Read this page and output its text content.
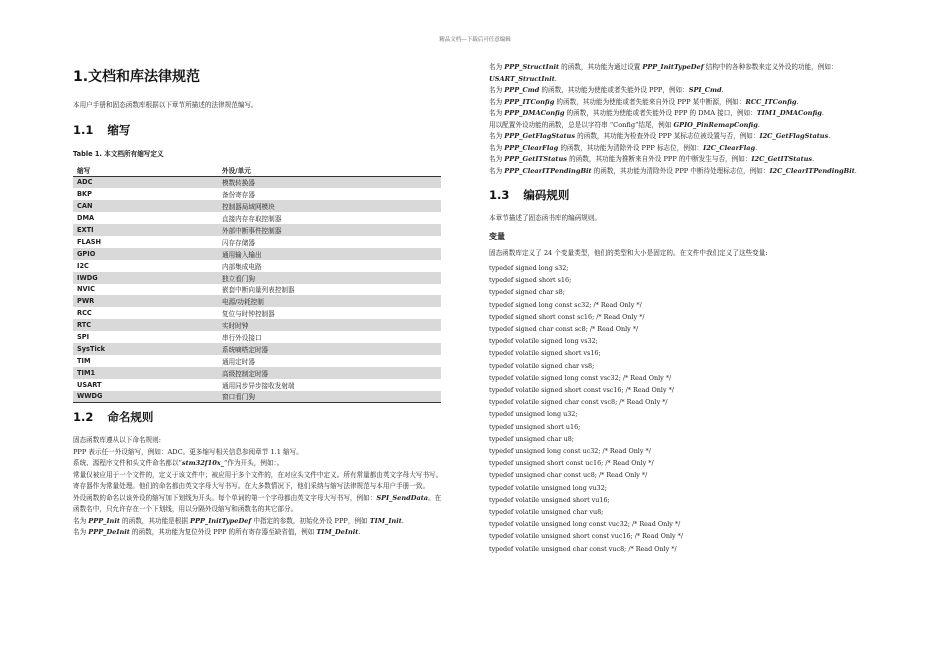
精品文档---下载后可任意编辑
1.文档和库法律规范

本用户手册和固态函数库根据以下章节所描述的法律规范编写。

1.1 缩写
Table 1. 本文档所有缩写定义
缩写	外设/单元
ADC	模数转换器
BKP	备份寄存器
CAN	控制器局域网模块
DMA	直接内存存取控制器
EXTI	外部中断事件控制器
FLASH	闪存存储器
GPIO	通用输入输出
I2C	内部集成电路
IWDG	独立看门狗
NVIC	嵌套中断向量列表控制器
PWR	电源/功耗控制
RCC	复位与时钟控制器
RTC	实时时钟
SPI	串行外设接口
SysTick	系统嘀嗒定时器
TIM	通用定时器
TIM1	高级控制定时器
USART	通用同步异步接收发射端
WWDG	窗口看门狗
1.2 命名规则

固态函数库遵从以下命名规则:

PPP 表示任一外设缩写，例如：ADC。更多缩写相关信息参阅章节 1.1 缩写。

系统、源程序文件和头文件命名都以“stm32f10x_”作为开头，例如：。

常量仅被应用于一个文件的，定义于该文件中；被应用于多个文件的，在对应头文件中定义。所有常量都由英文字母大写书写。

寄存器作为常量处理。他们的命名都由英文字母大写书写。在大多数情况下，他们采纳与缩写法律规范与本用户手册一致。

外设函数的命名以该外设的缩写加下划线为开头。每个单词的第一个字母都由英文字母大写书写，例如：SPI_SendData。在函数名中，只允许存在一个下划线，用以分隔外设缩写和函数名的其它部分。

名为 PPP_Init 的函数，其功能是根据 PPP_InitTypeDef 中指定的参数，初始化外设 PPP，例如 TIM_Init.

名为 PPP_DeInit 的函数，其功能为复位外设 PPP 的所有寄存器至缺省值，例如 TIM_DeInit.

名为 PPP_StructInit 的函数，其功能为通过设置 PPP_InitTypeDef 结构中的各种参数来定义外设的功能，例如：USART_StructInit.

名为 PPP_Cmd 的函数，其功能为使能或者失能外设 PPP，例如：SPI_Cmd.

名为 PPP_ITConfig 的函数，其功能为使能或者失能来自外设 PPP 某中断源，例如：RCC_ITConfig.

名为 PPP_DMAConfig 的函数，其功能为使能或者失能外设 PPP 的 DMA 接口，例如：TIM1_DMAConfig.

用以配置外设功能的函数，总是以字符串 “Config”结尾，例如 GPIO_PinRemapConfig.

名为 PPP_GetFlagStatus 的函数，其功能为检查外设 PPP 某标志位被设置与否，例如：I2C_GetFlagStatus.

名为 PPP_ClearFlag 的函数，其功能为清除外设 PPP 标志位，例如：I2C_ClearFlag.

名为 PPP_GetITStatus 的函数，其功能为推断来自外设 PPP 的中断发生与否，例如：I2C_GetITStatus.

名为 PPP_ClearITPendingBit 的函数，其功能为清除外设 PPP 中断待处理标志位，例如：I2C_ClearITPendingBit.

1.3 编码规则

本章节描述了固态函书库的编码规则。

变量

固态函数库定义了 24 个变量类型，他们的类型和大小是固定的。在文件中我们定义了这些变量:

typedef signed long s32;
typedef signed short s16;
typedef signed char s8;
typedef signed long const sc32; /* Read Only */
typedef signed short const sc16; /* Read Only */
typedef signed char const sc8; /* Read Only */
typedef volatile signed long vs32;
typedef volatile signed short vs16;
typedef volatile signed char vs8;
typedef volatile signed long const vsc32; /* Read Only */
typedef volatile signed short const vsc16; /* Read Only */
typedef volatile signed char const vsc8; /* Read Only */
typedef unsigned long u32;
typedef unsigned short u16;
typedef unsigned char u8;
typedef unsigned long const uc32; /* Read Only */
typedef unsigned short const uc16; /* Read Only */
typedef unsigned char const uc8; /* Read Only */
typedef volatile unsigned long vu32;
typedef volatile unsigned short vu16;
typedef volatile unsigned char vu8;
typedef volatile unsigned long const vuc32; /* Read Only */
typedef volatile unsigned short const vuc16; /* Read Only */
typedef volatile unsigned char const vuc8; /* Read Only */
